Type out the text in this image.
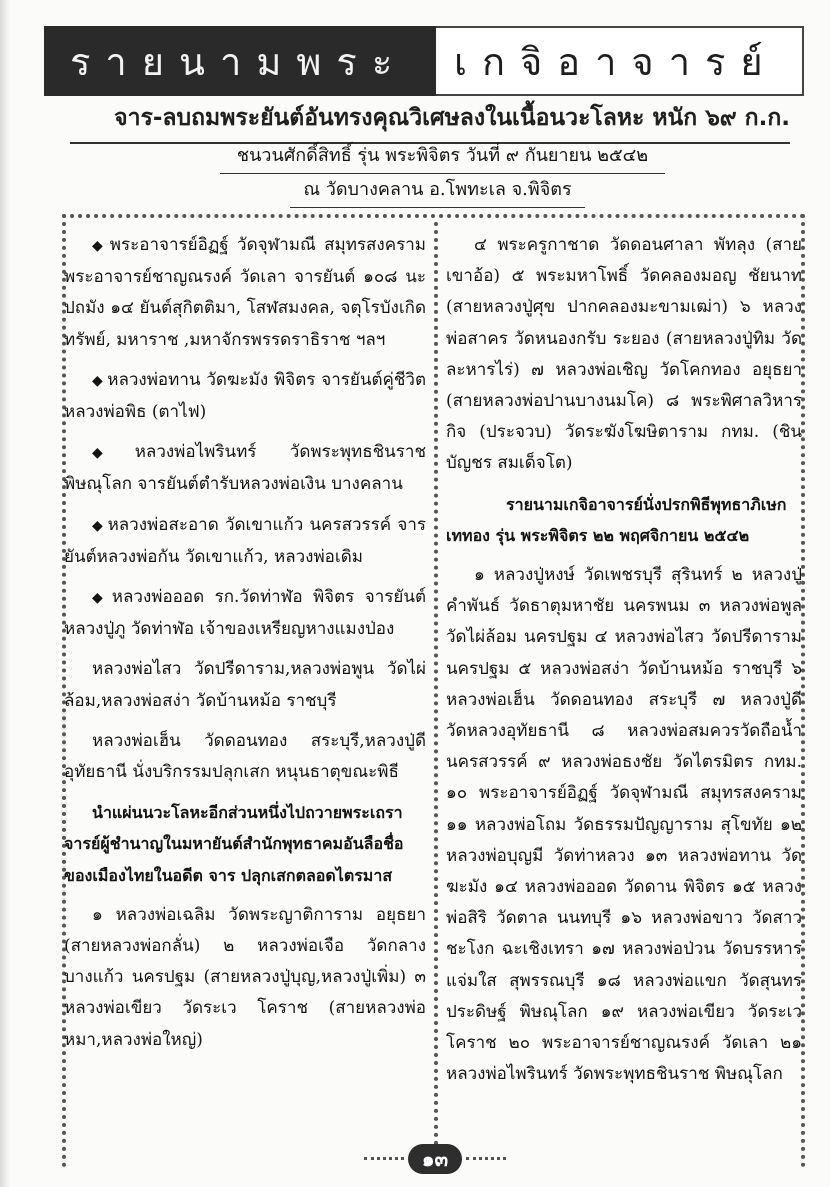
รายนามพระ	เกจิอาจารย์
จาร-ลบถมพระยันต์อันทรงคุณวิเศษลงในเนื้อนวะโลหะ หนัก ๖๙ ก.ก.
ชนวนศักดิ์สิทธิ์ รุ่น พระพิจิตร วันที่ ๙ กันยายน ๒๕๔๒
ณ วัดบางคลาน อ.โพทะเล จ.พิจิตร

◆ พระอาจารย์อิฏฐ์ วัดจุฬามณี สมุทรสงคราม พระอาจารย์ชาญณรงค์ วัดเลา จารยันต์ ๑๐๘ นะปถมัง ๑๔ ยันต์สุกิตติมา, โสฬสมงคล, จตุโรบังเกิดทรัพย์, มหาราช ,มหาจักรพรรดราธิราช ฯลฯ

◆ หลวงพ่อทาน วัดฆะมัง พิจิตร จารยันต์คู่ชีวิต หลวงพ่อพิธ (ตาไฟ)

◆ หลวงพ่อไพรินทร์ วัดพระพุทธชินราช พิษณุโลก จารยันต์ตำรับหลวงพ่อเงิน บางคลาน

◆ หลวงพ่อสะอาด วัดเขาแก้ว นครสวรรค์ จารยันต์หลวงพ่อกัน วัดเขาแก้ว, หลวงพ่อเดิม

◆ หลวงพ่อออด รก.วัดท่าฬ่อ พิจิตร จารยันต์หลวงปู่ภู วัดท่าฬ่อ เจ้าของเหรียญหางแมงป่อง

หลวงพ่อไสว วัดปรีดาราม,หลวงพ่อพูน วัดไผ่ล้อม,หลวงพ่อสง่า วัดบ้านหม้อ ราชบุรี

หลวงพ่อเฮ็น วัดดอนทอง สระบุรี,หลวงปู่ดี อุทัยธานี นั่งบริกรรมปลุกเสก หนุนธาตุขณะพิธี

นำแผ่นนวะโลหะอีกส่วนหนึ่งไปถวายพระเถราจารย์ผู้ชำนาญในมหายันต์สำนักพุทธาคมอันลือชื่อของเมืองไทยในอดีต จาร ปลุกเสกตลอดไตรมาส

๑ หลวงพ่อเฉลิม วัดพระญาติการาม อยุธยา (สายหลวงพ่อกลั่น) ๒ หลวงพ่อเจือ วัดกลางบางแก้ว นครปฐม (สายหลวงปู่บุญ,หลวงปู่เพิ่ม) ๓ หลวงพ่อเขียว วัดระเว โคราช (สายหลวงพ่อหมา,หลวงพ่อใหญ่)

๔ พระครูกาชาด วัดดอนศาลา พัทลุง (สายเขาอ้อ) ๕ พระมหาโพธิ์ วัดคลองมอญ ชัยนาท (สายหลวงปู่ศุข ปากคลองมะขามเฒ่า) ๖ หลวงพ่อสาคร วัดหนองกรับ ระยอง (สายหลวงปู่ทิม วัดละหารไร่) ๗ หลวงพ่อเชิญ วัดโคกทอง อยุธยา (สายหลวงพ่อปานบางนมโค) ๘ พระพิศาลวิหารกิจ (ประจวบ) วัดระฆังโฆษิตาราม กทม. (ชินบัญชร สมเด็จโต)

รายนามเกจิอาจารย์นั่งปรกพิธีพุทธาภิเษกเททอง รุ่น พระพิจิตร ๒๒ พฤศจิกายน ๒๕๔๒

๑ หลวงปู่หงษ์ วัดเพชรบุรี สุรินทร์ ๒ หลวงปู่คำพันธ์ วัดธาตุมหาชัย นครพนม ๓ หลวงพ่อพูล วัดไผ่ล้อม นครปฐม ๔ หลวงพ่อไสว วัดปรีดาราม นครปฐม ๕ หลวงพ่อสง่า วัดบ้านหม้อ ราชบุรี ๖ หลวงพ่อเฮ็น วัดดอนทอง สระบุรี ๗ หลวงปู่ดี วัดหลวงอุทัยธานี ๘ หลวงพ่อสมควรวัดถือน้ำ นครสวรรค์ ๙ หลวงพ่อธงชัย วัดไตรมิตร กทม. ๑๐ พระอาจารย์อิฏฐ์ วัดจุฬามณี สมุทรสงคราม ๑๑ หลวงพ่อโถม วัดธรรมปัญญาราม สุโขทัย ๑๒ หลวงพ่อบุญมี วัดท่าหลวง ๑๓ หลวงพ่อทาน วัดฆะมัง ๑๔ หลวงพ่อออด วัดดาน พิจิตร ๑๕ หลวงพ่อสิริ วัดตาล นนทบุรี ๑๖ หลวงพ่อขาว วัดสาวชะโงก ฉะเชิงเทรา ๑๗ หลวงพ่อป่วน วัดบรรหารแจ่มใส สุพรรณบุรี ๑๘ หลวงพ่อแขก วัดสุนทรประดิษฐ์ พิษณุโลก ๑๙ หลวงพ่อเขียว วัดระเว โคราช ๒๐ พระอาจารย์ชาญณรงค์ วัดเลา ๒๑ หลวงพ่อไพรินทร์ วัดพระพุทธชินราช พิษณุโลก

๑๓
